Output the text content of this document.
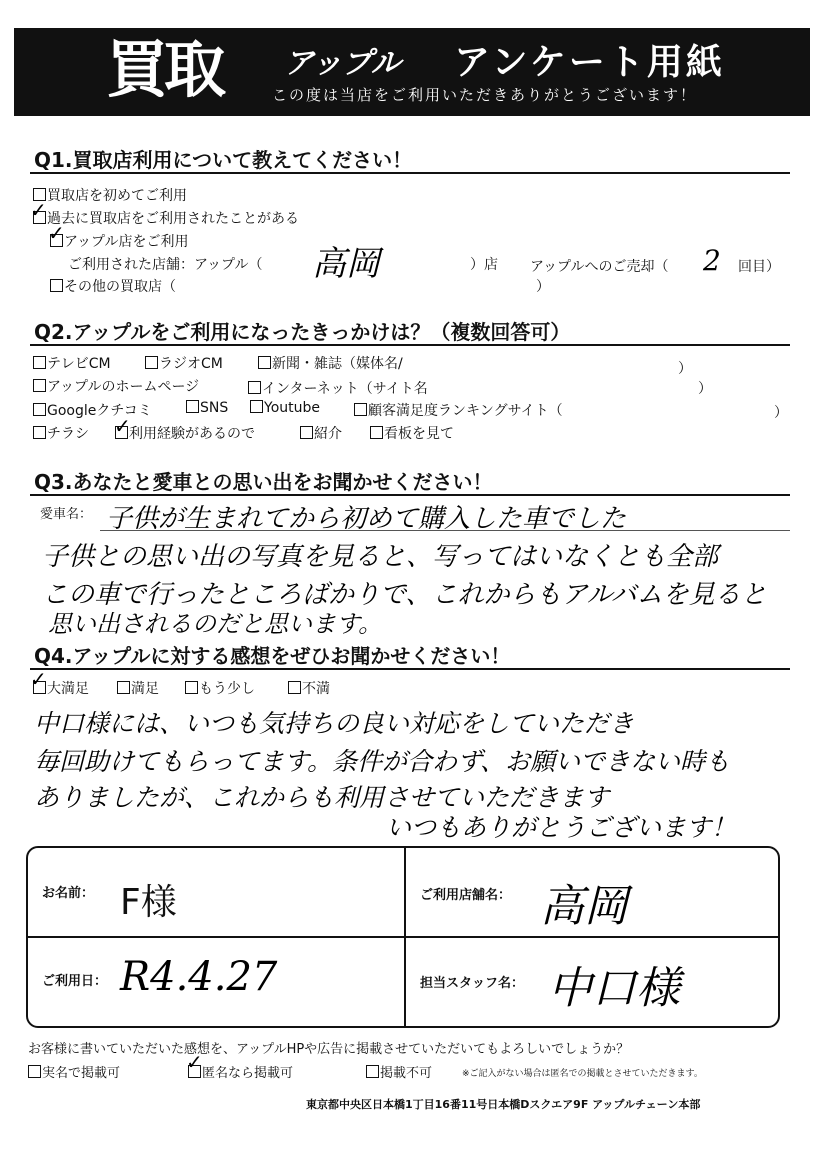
買取 アップル アンケート用紙
この度は当店をご利用いただきありがとうございます！
Q1.買取店利用について教えてください！
買取店を初めてご利用
過去に買取店をご利用されたことがある
✓
アップル店をご利用
✓
ご利用された店舗：アップル（ 高岡	）店 アップルへのご売却（ 2 回目）
その他の買取店（	）
Q2.アップルをご利用になったきっかけは？（複数回答可）
テレビCM	ラジオCM	新聞・雑誌（媒体名/	）
アップルのホームページ	インターネット（サイト名	）
Googleクチコミ	SNS	Youtube	顧客満足度ランキングサイト（	）
チラシ	利用経験があるので
✓	紹介	看板を見て
Q3.あなたと愛車との思い出をお聞かせください！
愛車名： 子供が生まれてから初めて購入した車でした
子供との思い出の写真を見ると、写ってはいなくとも全部
この車で行ったところばかりで、これからもアルバムを見ると
思い出されるのだと思います。
Q4.アップルに対する感想をぜひお聞かせください！
大満足
✓	満足	もう少し	不満
中口様には、いつも気持ちの良い対応をしていただき
毎回助けてもらってます。条件が合わず、お願いできない時も
ありましたが、これからも利用させていただきます
いつもありがとうございます！
お名前： F様	ご利用店舗名： 高岡
ご利用日： R4.4.27	担当スタッフ名： 中口様
お客様に書いていただいた感想を、アップルHPや広告に掲載させていただいてもよろしいでしょうか？
実名で掲載可	匿名なら掲載可
✓	掲載不可	※ご記入がない場合は匿名での掲載とさせていただきます。
東京都中央区日本橋1丁目16番11号日本橋Dスクエア9F アップルチェーン本部
